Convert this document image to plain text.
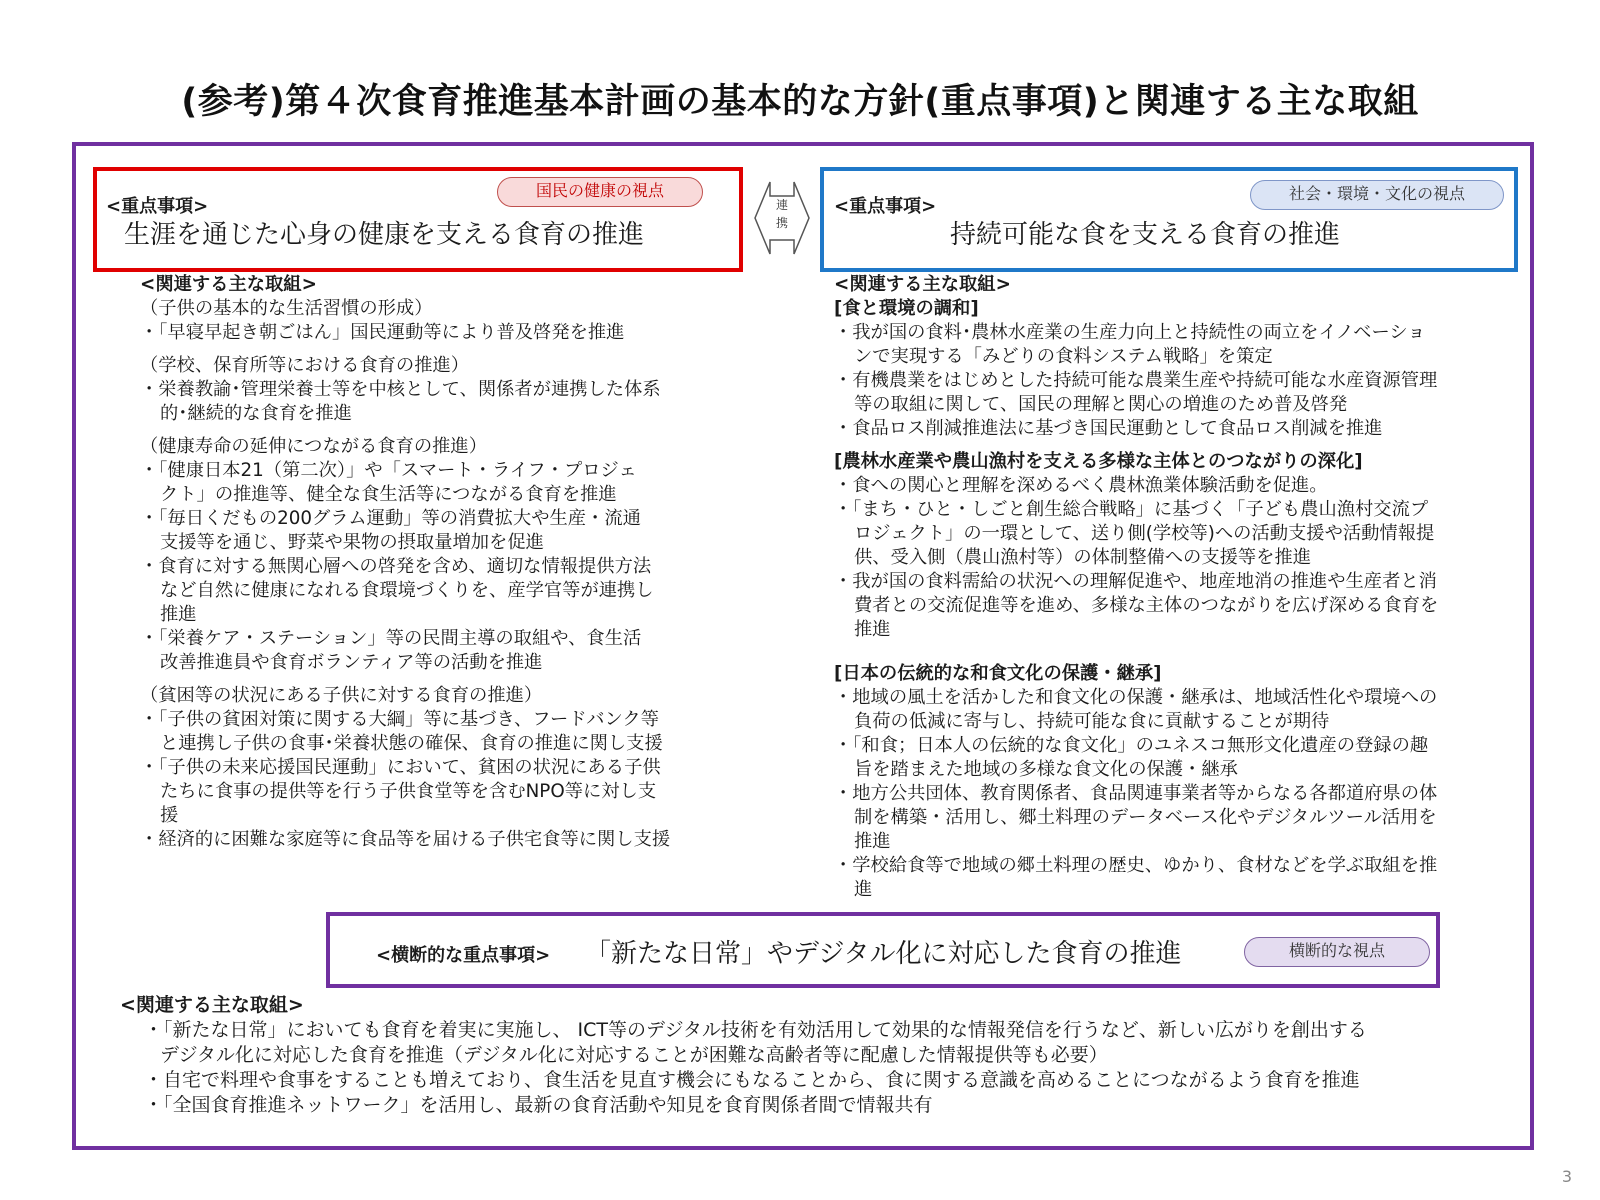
(参考)第４次食育推進基本計画の基本的な方針(重点事項)と関連する主な取組
<重点事項>
生涯を通じた心身の健康を支える食育の推進
国民の健康の視点
連
携
<重点事項>
持続可能な食を支える食育の推進
社会・環境・文化の視点
<関連する主な取組>
（子供の基本的な生活習慣の形成）
・「早寝早起き朝ごはん」国民運動等により普及啓発を推進
（学校、保育所等における食育の推進）
・栄養教諭･管理栄養士等を中核として、関係者が連携した体系
的･継続的な食育を推進
（健康寿命の延伸につながる食育の推進）
・「健康日本21（第二次）」や「スマート・ライフ・プロジェ
クト」の推進等、健全な食生活等につながる食育を推進
・「毎日くだもの200グラム運動」等の消費拡大や生産・流通
支援等を通じ、野菜や果物の摂取量増加を促進
・食育に対する無関心層への啓発を含め、適切な情報提供方法
など自然に健康になれる食環境づくりを、産学官等が連携し
推進
・「栄養ケア・ステーション」等の民間主導の取組や、食生活
改善推進員や食育ボランティア等の活動を推進
（貧困等の状況にある子供に対する食育の推進）
・「子供の貧困対策に関する大綱」等に基づき、フードバンク等
と連携し子供の食事･栄養状態の確保、食育の推進に関し支援
・「子供の未来応援国民運動」において、貧困の状況にある子供
たちに食事の提供等を行う子供食堂等を含むNPO等に対し支
援
・経済的に困難な家庭等に食品等を届ける子供宅食等に関し支援
<関連する主な取組>
[食と環境の調和]
・我が国の食料･農林水産業の生産力向上と持続性の両立をイノベーショ
ンで実現する「みどりの食料システム戦略」を策定
・有機農業をはじめとした持続可能な農業生産や持続可能な水産資源管理
等の取組に関して、国民の理解と関心の増進のため普及啓発
・食品ロス削減推進法に基づき国民運動として食品ロス削減を推進
[農林水産業や農山漁村を支える多様な主体とのつながりの深化]
・食への関心と理解を深めるべく農林漁業体験活動を促進。
・「まち・ひと・しごと創生総合戦略」に基づく「子ども農山漁村交流プ
ロジェクト」の一環として、送り側(学校等)への活動支援や活動情報提
供、受入側（農山漁村等）の体制整備への支援等を推進
・我が国の食料需給の状況への理解促進や、地産地消の推進や生産者と消
費者との交流促進等を進め、多様な主体のつながりを広げ深める食育を
推進
[日本の伝統的な和食文化の保護・継承]
・地域の風土を活かした和食文化の保護・継承は、地域活性化や環境への
負荷の低減に寄与し、持続可能な食に貢献することが期待
・「和食；日本人の伝統的な食文化」のユネスコ無形文化遺産の登録の趣
旨を踏まえた地域の多様な食文化の保護・継承
・地方公共団体、教育関係者、食品関連事業者等からなる各都道府県の体
制を構築・活用し、郷土料理のデータベース化やデジタルツール活用を
推進
・学校給食等で地域の郷土料理の歴史、ゆかり、食材などを学ぶ取組を推
進
<横断的な重点事項> 「新たな日常」やデジタル化に対応した食育の推進	横断的な視点
<関連する主な取組>
・「新たな日常」においても食育を着実に実施し、 ICT等のデジタル技術を有効活用して効果的な情報発信を行うなど、新しい広がりを創出する
デジタル化に対応した食育を推進（デジタル化に対応することが困難な高齢者等に配慮した情報提供等も必要）
・自宅で料理や食事をすることも増えており、食生活を見直す機会にもなることから、食に関する意識を高めることにつながるよう食育を推進
・「全国食育推進ネットワーク」を活用し、最新の食育活動や知見を食育関係者間で情報共有
3
